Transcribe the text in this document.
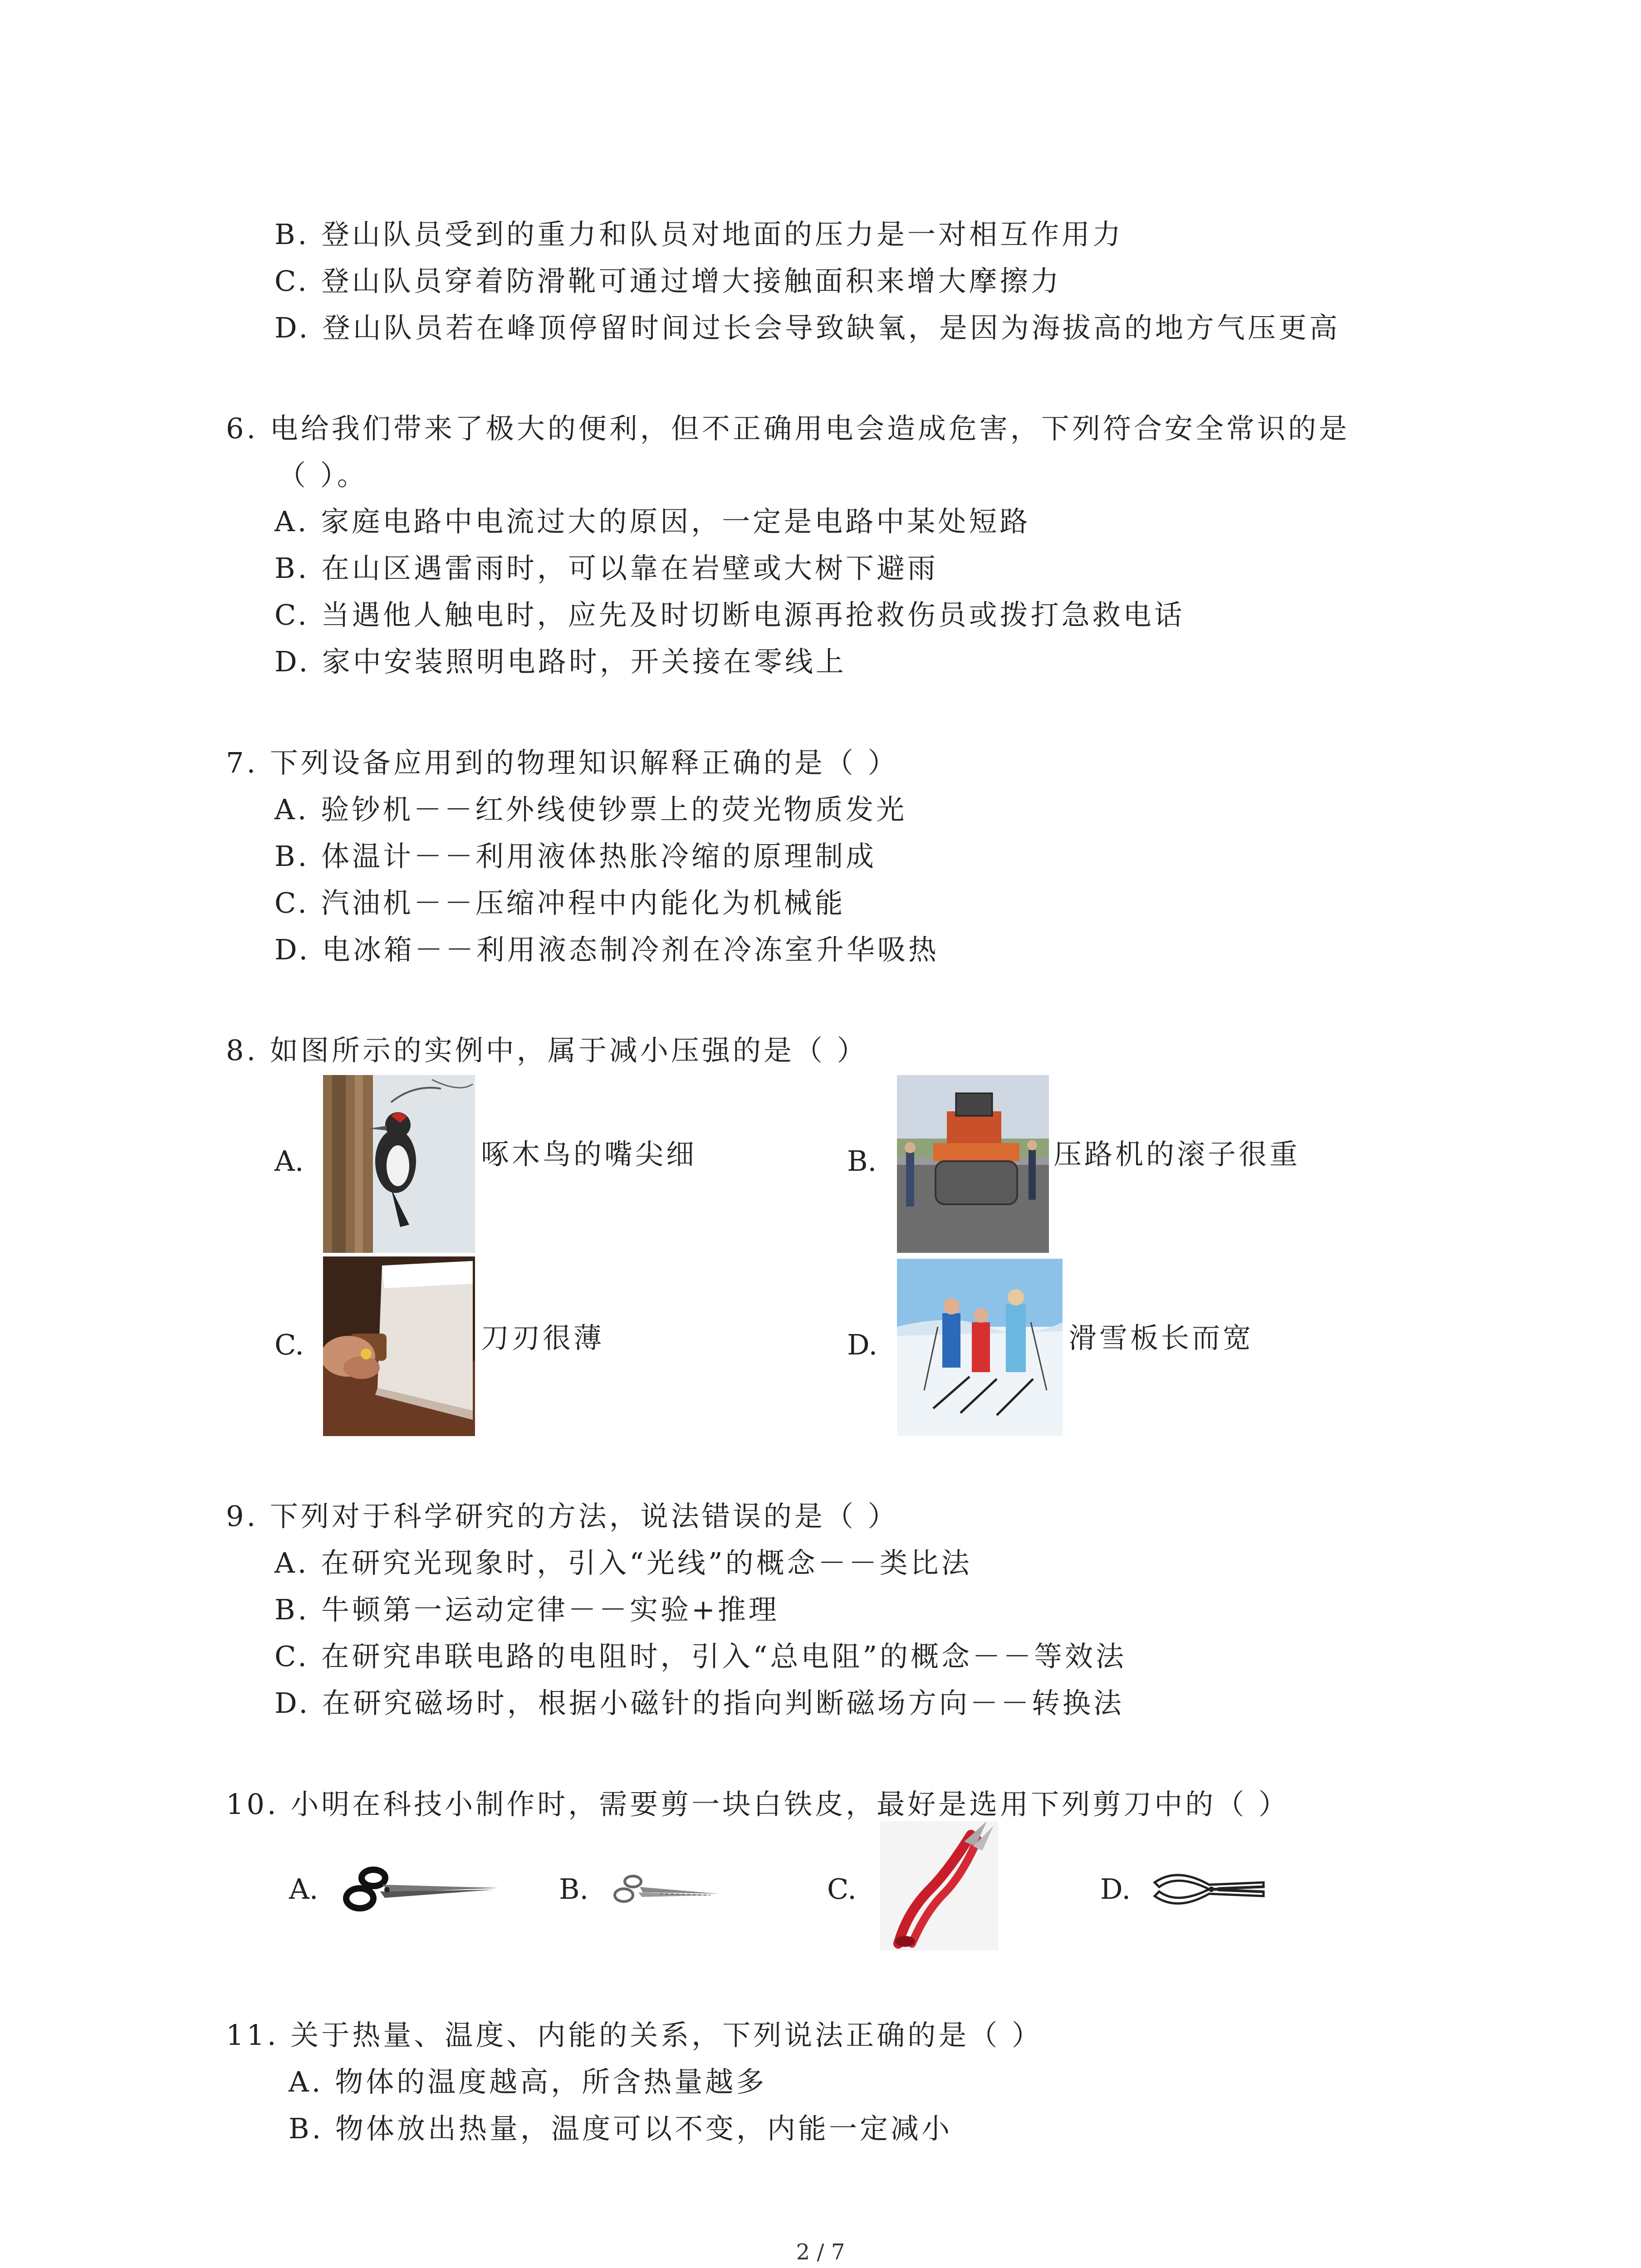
B. 登山队员受到的重力和队员对地面的压力是一对相互作用力
C. 登山队员穿着防滑靴可通过增大接触面积来增大摩擦力
D. 登山队员若在峰顶停留时间过长会导致缺氧，是因为海拔高的地方气压更高
6. 电给我们带来了极大的便利，但不正确用电会造成危害，下列符合安全常识的是
（ ）。
A. 家庭电路中电流过大的原因，一定是电路中某处短路
B. 在山区遇雷雨时，可以靠在岩壁或大树下避雨
C. 当遇他人触电时，应先及时切断电源再抢救伤员或拨打急救电话
D. 家中安装照明电路时，开关接在零线上
7. 下列设备应用到的物理知识解释正确的是（ ）
A. 验钞机－－红外线使钞票上的荧光物质发光
B. 体温计－－利用液体热胀冷缩的原理制成
C. 汽油机－－压缩冲程中内能化为机械能
D. 电冰箱－－利用液态制冷剂在冷冻室升华吸热
8. 如图所示的实例中，属于减小压强的是（ ）
A.	啄木鸟的嘴尖细	B.	压路机的滚子很重
C.	刀刃很薄	D.	滑雪板长而宽
9. 下列对于科学研究的方法，说法错误的是（ ）
A. 在研究光现象时，引入“光线”的概念－－类比法
B. 牛顿第一运动定律－－实验+推理
C. 在研究串联电路的电阻时，引入“总电阻”的概念－－等效法
D. 在研究磁场时，根据小磁针的指向判断磁场方向－－转换法
10. 小明在科技小制作时，需要剪一块白铁皮，最好是选用下列剪刀中的（ ）
A.	B.	C.	D.
11. 关于热量、温度、内能的关系，下列说法正确的是（ ）
A. 物体的温度越高，所含热量越多
B. 物体放出热量，温度可以不变，内能一定减小
2 / 7
